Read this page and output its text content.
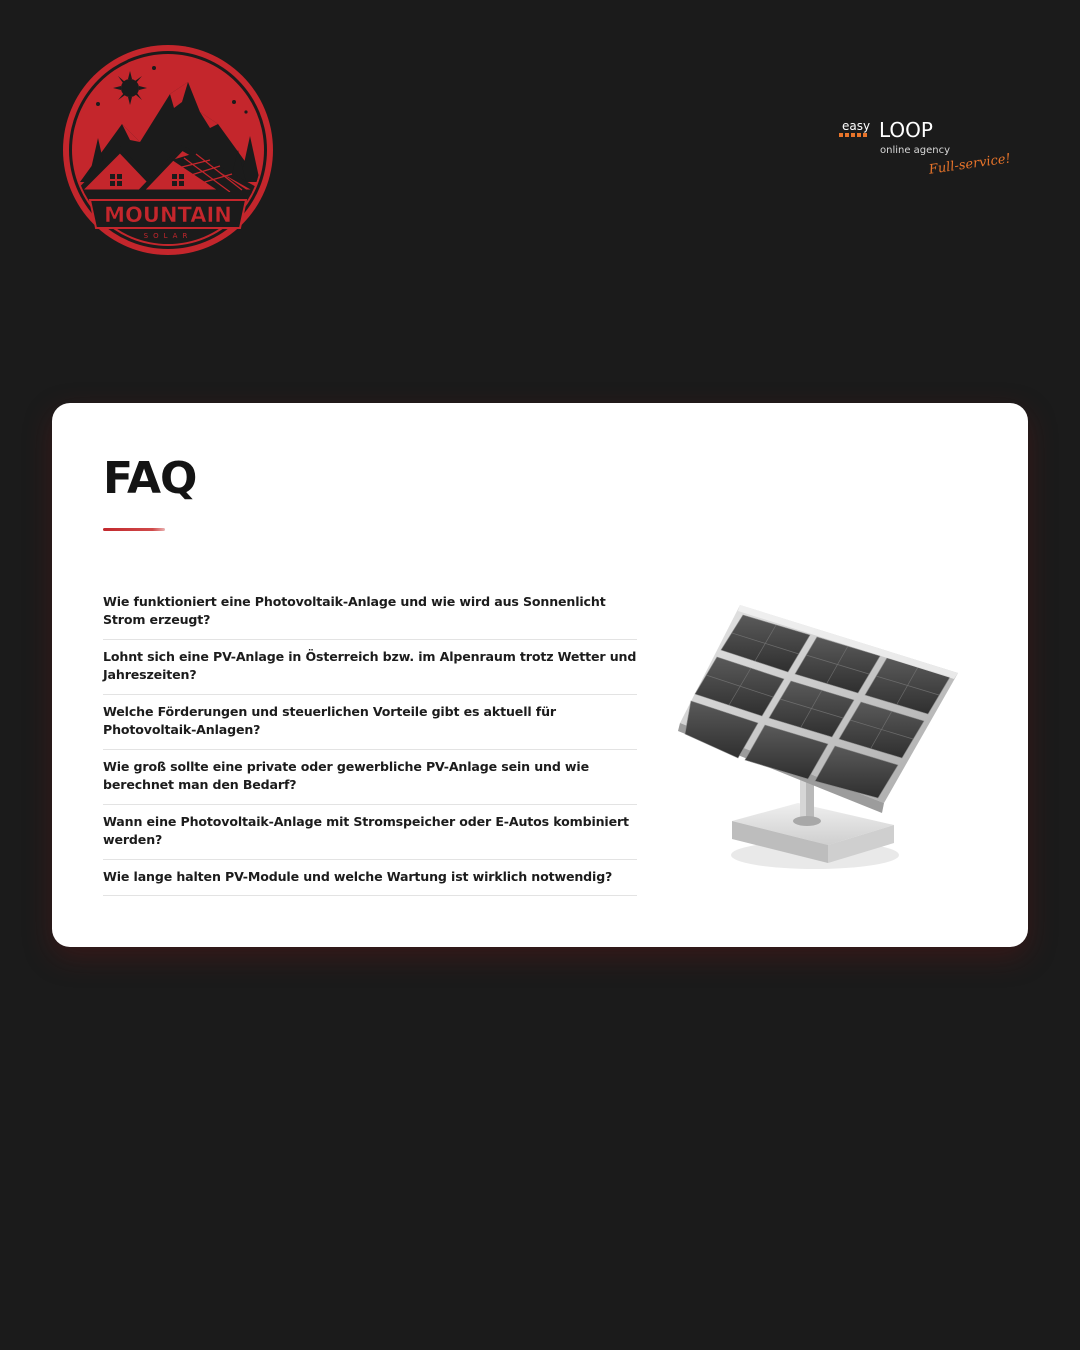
MOUNTAIN
SOLAR
easy LOOP
online agency
Full-service!
FAQ
Wie funktioniert eine Photovoltaik-Anlage und wie wird aus Sonnenlicht Strom erzeugt?
Lohnt sich eine PV-Anlage in Österreich bzw. im Alpenraum trotz Wetter und Jahreszeiten?
Welche Förderungen und steuerlichen Vorteile gibt es aktuell für Photovoltaik-Anlagen?
Wie groß sollte eine private oder gewerbliche PV-Anlage sein und wie berechnet man den Bedarf?
Wann eine Photovoltaik-Anlage mit Stromspeicher oder E-Autos kombiniert werden?
Wie lange halten PV-Module und welche Wartung ist wirklich notwendig?
